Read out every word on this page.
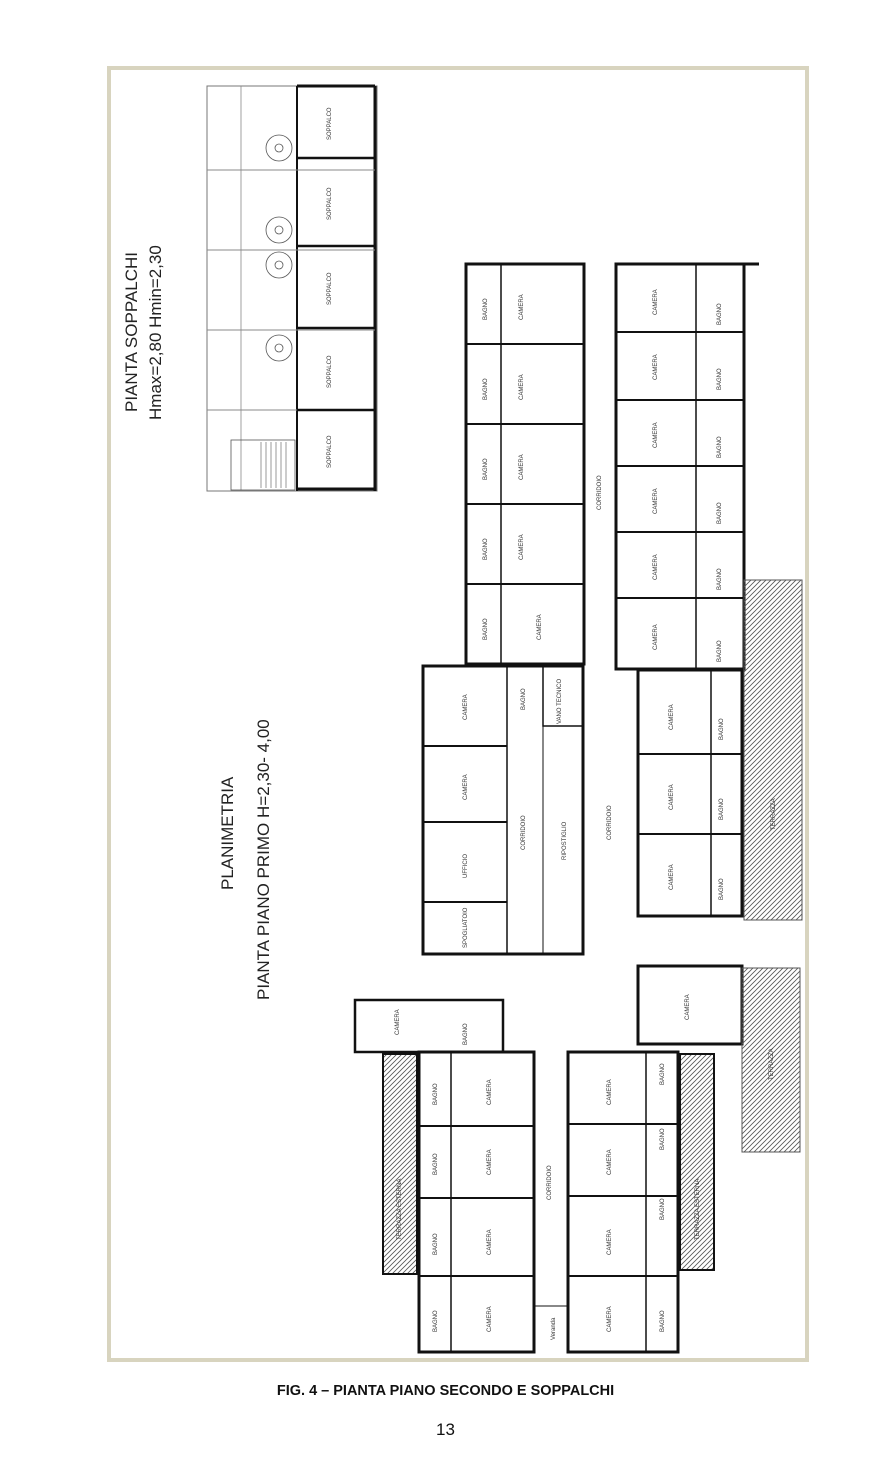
SOPPALCO
SOPPALCO
SOPPALCO
SOPPALCO
SOPPALCO
BAGNO	CAMERA
BAGNO	CAMERA
BAGNO	CAMERA
BAGNO	CAMERA
BAGNO	CAMERA
CORRIDOIO
CAMERA
CAMERA
CAMERA
CAMERA
CAMERA
CAMERA
BAGNO
BAGNO
BAGNO
BAGNO
BAGNO
BAGNO
TERRAZZA
CAMERA
CAMERA
UFFICIO
SPOGLIATOIO
BAGNO	VANO TECNICO
CORRIDOIO	RIPOSTIGLIO	CORRIDOIO
CAMERA
CAMERA
CAMERA
BAGNO
BAGNO
BAGNO
CAMERA
TERRAZZA
CAMERA	BAGNO
BAGNO
BAGNO
BAGNO
BAGNO
CAMERA
CAMERA
CAMERA
CAMERA
TERRAZZA ESTERNA	CORRIDOIO
Veranda
CAMERA
CAMERA
CAMERA
CAMERA
BAGNO
BAGNO
BAGNO
BAGNO
TERRAZZA ESTERNA
PIANTA SOPPALCHI Hmax=2,80 Hmin=2,30
PLANIMETRIA PIANTA PIANO PRIMO H=2,30- 4,00
FIG. 4 – PIANTA PIANO SECONDO E SOPPALCHI
13
